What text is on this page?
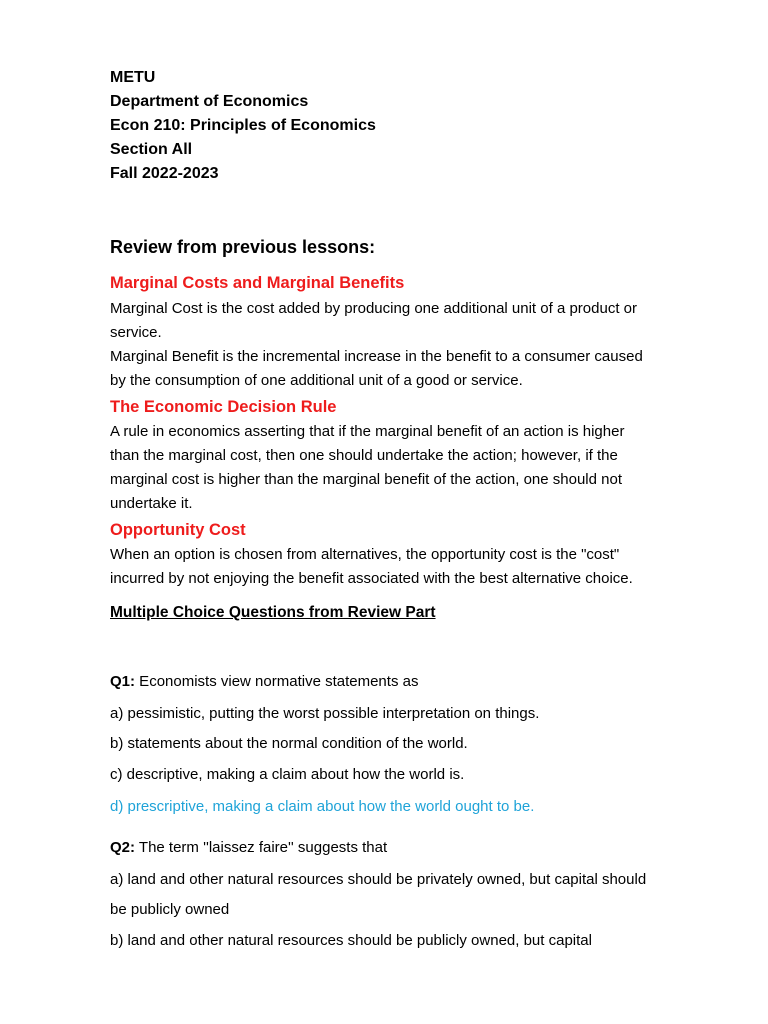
METU
Department of Economics
Econ 210: Principles of Economics
Section All
Fall 2022-2023
Review from previous lessons:
Marginal Costs and Marginal Benefits
Marginal Cost is the cost added by producing one additional unit of a product or
service.
Marginal Benefit is the incremental increase in the benefit to a consumer caused
by the consumption of one additional unit of a good or service.
The Economic Decision Rule
A rule in economics asserting that if the marginal benefit of an action is higher
than the marginal cost, then one should undertake the action; however, if the
marginal cost is higher than the marginal benefit of the action, one should not
undertake it.
Opportunity Cost
When an option is chosen from alternatives, the opportunity cost is the "cost"
incurred by not enjoying the benefit associated with the best alternative choice.
Multiple Choice Questions from Review Part
Q1: Economists view normative statements as
a) pessimistic, putting the worst possible interpretation on things.
b) statements about the normal condition of the world.
c) descriptive, making a claim about how the world is.
d) prescriptive, making a claim about how the world ought to be.
Q2: The term ''laissez faire'' suggests that
a) land and other natural resources should be privately owned, but capital should
be publicly owned
b) land and other natural resources should be publicly owned, but capital
